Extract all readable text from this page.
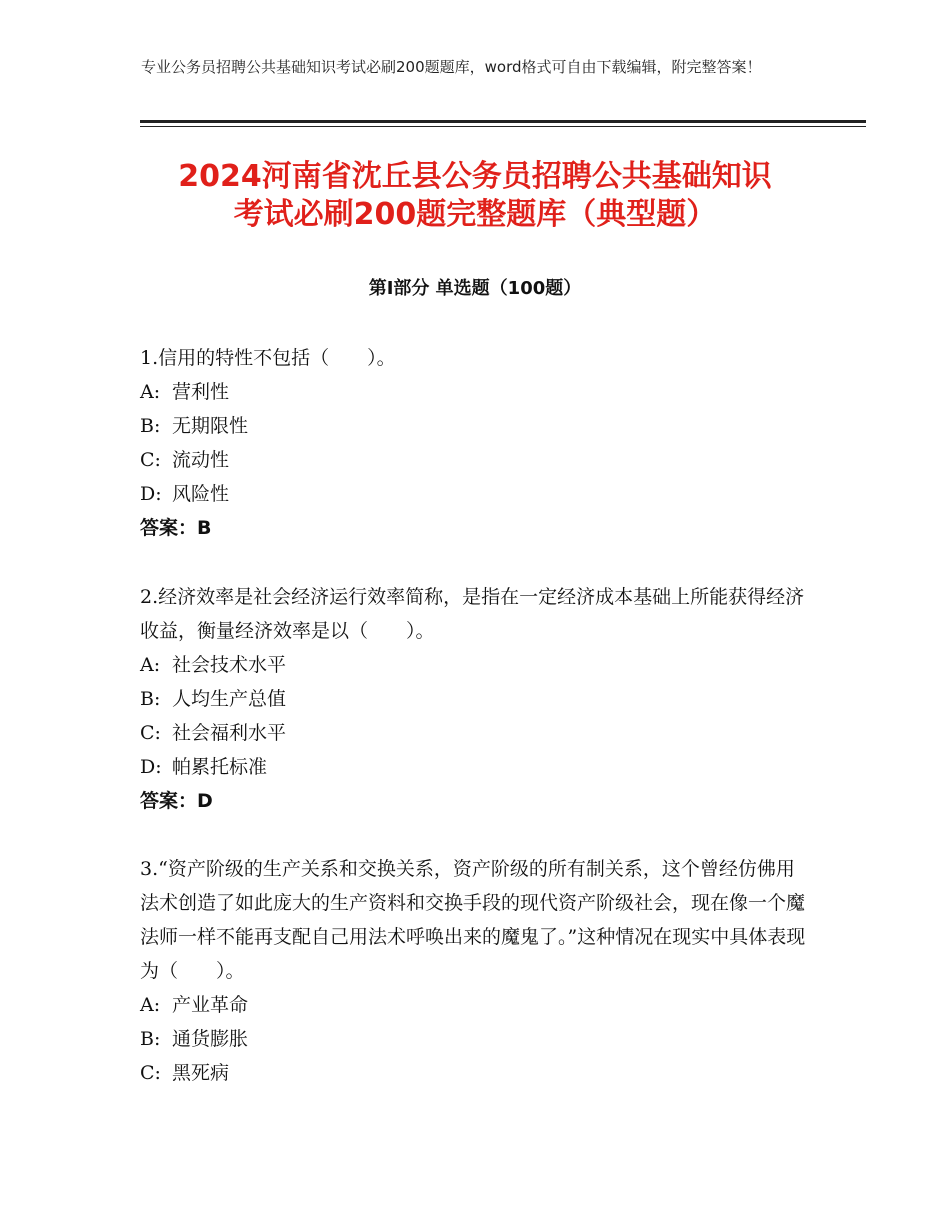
专业公务员招聘公共基础知识考试必刷200题题库，word格式可自由下载编辑，附完整答案！
2024河南省沈丘县公务员招聘公共基础知识
考试必刷200题完整题库（典型题）
第Ⅰ部分 单选题（100题）

1.信用的特性不包括（　　）。

A: 营利性

B: 无期限性

C: 流动性

D: 风险性

答案：B

2.经济效率是社会经济运行效率简称，是指在一定经济成本基础上所能获得经济收益，衡量经济效率是以（　　）。

A: 社会技术水平

B: 人均生产总值

C: 社会福利水平

D: 帕累托标准

答案：D

3.“资产阶级的生产关系和交换关系，资产阶级的所有制关系，这个曾经仿佛用法术创造了如此庞大的生产资料和交换手段的现代资产阶级社会，现在像一个魔法师一样不能再支配自己用法术呼唤出来的魔鬼了。”这种情况在现实中具体表现为（　　）。

A: 产业革命

B: 通货膨胀

C: 黑死病
